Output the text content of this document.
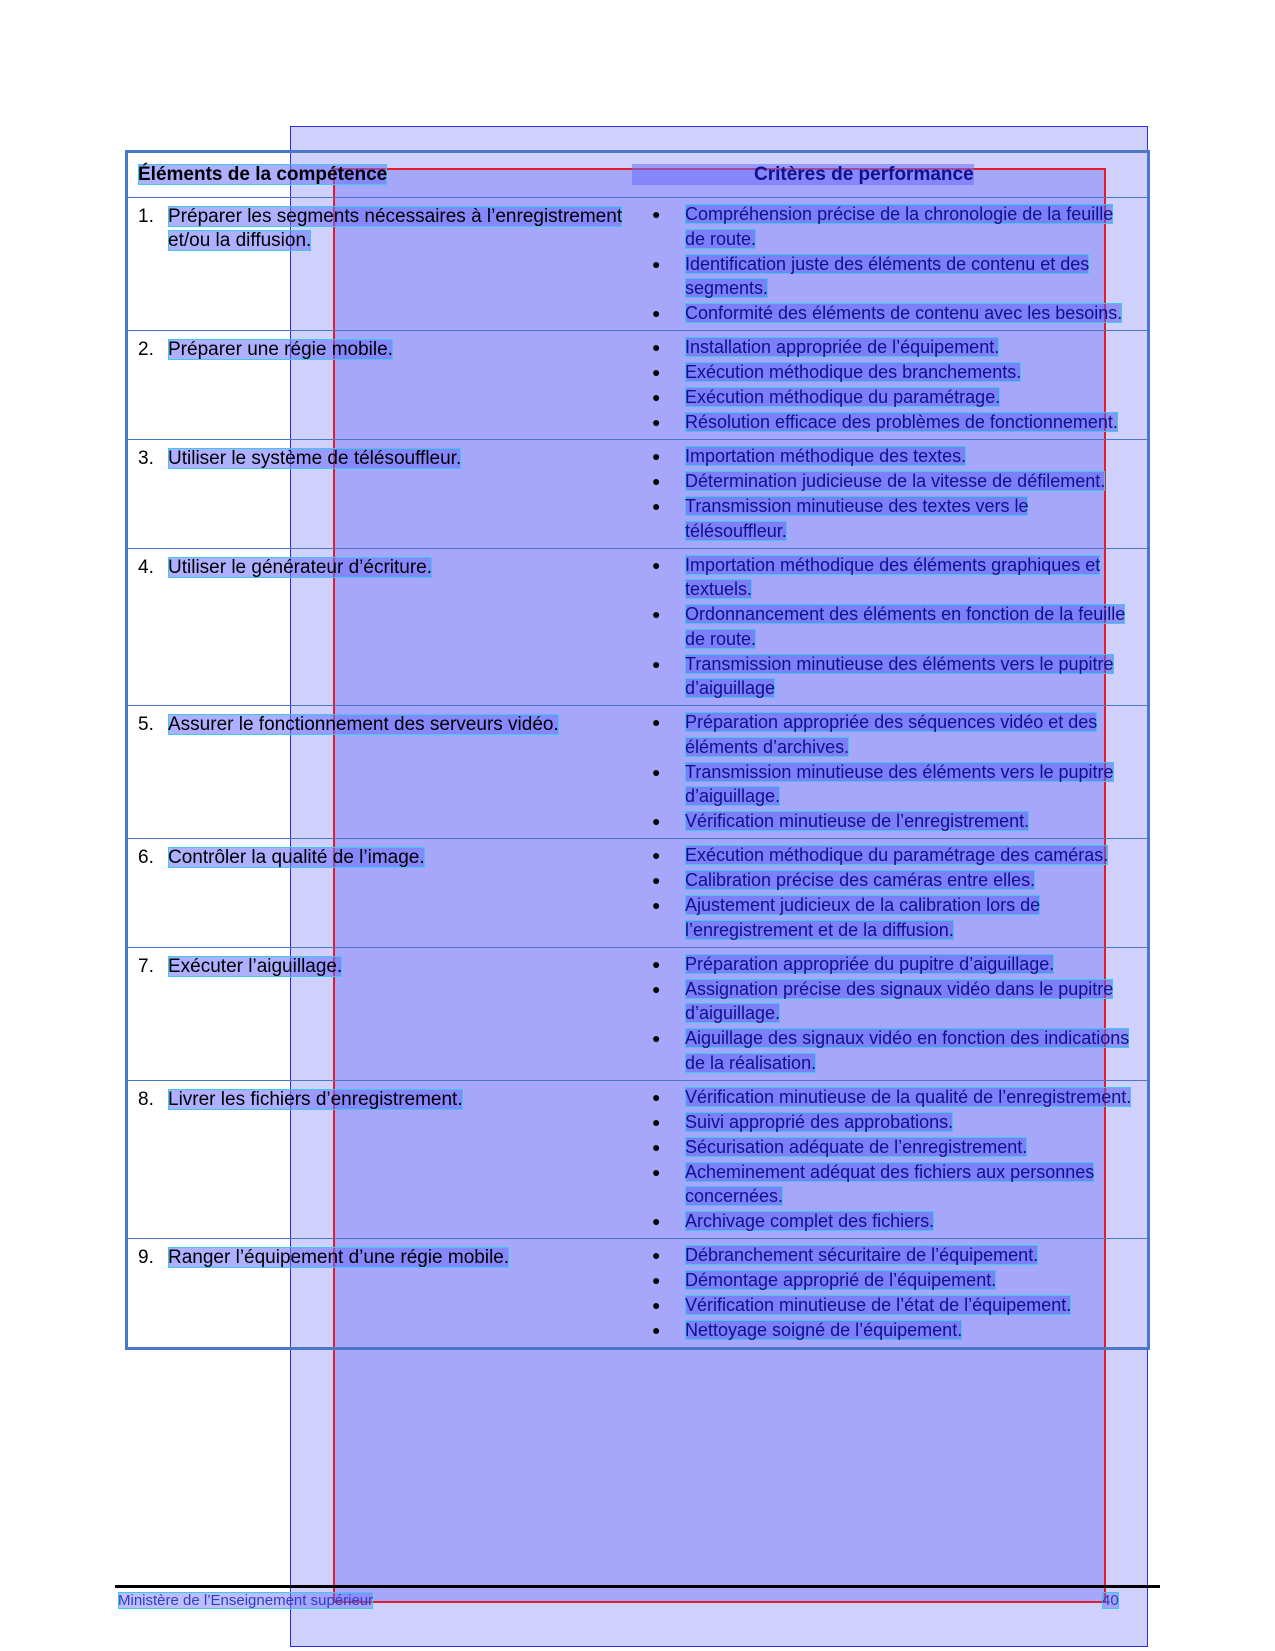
Éléments de la compétence	Critères de performance
1. Préparer les segments nécessaires à l’enregistrement et/ou la diffusion.
●	Compréhension précise de la chronologie de la feuille de route.
●	Identification juste des éléments de contenu et des segments.
●	Conformité des éléments de contenu avec les besoins.
2. Préparer une régie mobile.	●	Installation appropriée de l’équipement.
●	Exécution méthodique des branchements.
●	Exécution méthodique du paramétrage.
●	Résolution efficace des problèmes de fonctionnement.
3. Utiliser le système de télésouffleur.	●	Importation méthodique des textes.
●	Détermination judicieuse de la vitesse de défilement.
●	Transmission minutieuse des textes vers le télésouffleur.
4. Utiliser le générateur d’écriture.	●	Importation méthodique des éléments graphiques et textuels.
●	Ordonnancement des éléments en fonction de la feuille de route.
●	Transmission minutieuse des éléments vers le pupitre d’aiguillage
5. Assurer le fonctionnement des serveurs vidéo.	●	Préparation appropriée des séquences vidéo et des éléments d’archives.
●	Transmission minutieuse des éléments vers le pupitre d’aiguillage.
●	Vérification minutieuse de l’enregistrement.
6. Contrôler la qualité de l’image.	●	Exécution méthodique du paramétrage des caméras.
●	Calibration précise des caméras entre elles.
●	Ajustement judicieux de la calibration lors de l’enregistrement et de la diffusion.
7. Exécuter l’aiguillage.	●	Préparation appropriée du pupitre d’aiguillage.
●	Assignation précise des signaux vidéo dans le pupitre d’aiguillage.
●	Aiguillage des signaux vidéo en fonction des indications de la réalisation.
8. Livrer les fichiers d’enregistrement.	●	Vérification minutieuse de la qualité de l’enregistrement.
●	Suivi approprié des approbations.
●	Sécurisation adéquate de l’enregistrement.
●	Acheminement adéquat des fichiers aux personnes concernées.
●	Archivage complet des fichiers.
9. Ranger l’équipement d’une régie mobile.	●	Débranchement sécuritaire de l’équipement.
●	Démontage approprié de l’équipement.
●	Vérification minutieuse de l’état de l’équipement.
●	Nettoyage soigné de l’équipement.
Ministère de l’Enseignement supérieur	40
